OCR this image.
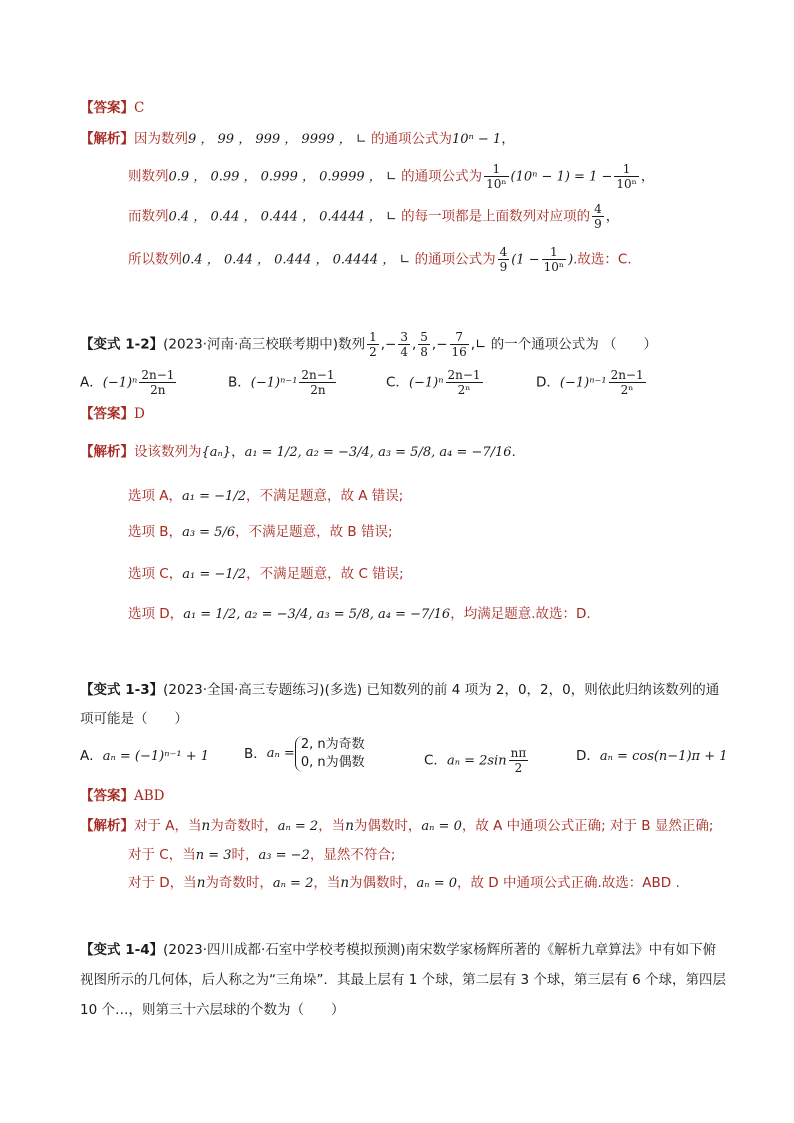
【答案】C
【解析】因为数列9 ， 99 ， 999 ， 9999 ， ∟ 的通项公式为10ⁿ − 1，
则数列0.9 ， 0.99 ， 0.999 ， 0.9999 ， ∟ 的通项公式为 $\frac{1}{\text{10ⁿ}} (10^n - 1) = 1 - \frac{1}{\text{10ⁿ}}$ ，
而数列0.4 ， 0.44 ， 0.444 ， 0.4444 ， ∟ 的每一项都是上面数列对应项的 $\frac{4}{9}$ ，
所以数列0.4 ， 0.44 ， 0.444 ， 0.4444 ， ∟ 的通项公式为 $\frac{4}{9} (1 - \frac{1}{\text{10ⁿ}}$ ).故选：C.
【变式 1-2】(2023·河南·高三校联考期中)数列 $\frac{1}{2}$ ,− $\frac{3}{4}$ , $\frac{5}{8}$ ,− $\frac{7}{16}$ ,∟ 的一个通项公式为 （　　）
A．$(-1)^n \frac{2n-1}{2n}$	B．$(-1)^{n-1} \frac{2n-1}{2n}$	C．$(-1)^n \frac{2n-1}{\text{2ⁿ}}$	D．$(-1)^{n-1} \frac{2n-1}{\text{2ⁿ}}$
【答案】D
【解析】设该数列为{aₙ}，a₁ = 1/2, a₂ = −3/4, a₃ = 5/8, a₄ = −7/16.
选项 A，a₁ = −1/2，不满足题意，故 A 错误;
选项 B，a₃ = 5/6，不满足题意，故 B 错误;
选项 C，a₁ = −1/2，不满足题意，故 C 错误;
选项 D，a₁ = 1/2, a₂ = −3/4, a₃ = 5/8, a₄ = −7/16，均满足题意.故选：D.
【变式 1-3】(2023·全国·高三专题练习)(多选) 已知数列的前 4 项为 2，0，2，0，则依此归纳该数列的通
项可能是（　　）
A．aₙ = (−1)ⁿ⁻¹ + 1	B．aₙ =
2, n为奇数
0, n为偶数	C．$a_n = 2\sin \frac{n\pi}{2}$	D．aₙ = cos(n−1)π + 1
【答案】ABD
【解析】对于 A，当n为奇数时，aₙ = 2，当n为偶数时，aₙ = 0，故 A 中通项公式正确; 对于 B 显然正确;
对于 C，当n = 3时，a₃ = −2，显然不符合;
对于 D，当n为奇数时，aₙ = 2，当n为偶数时，aₙ = 0，故 D 中通项公式正确.故选：ABD .
【变式 1-4】(2023·四川成都·石室中学校考模拟预测)南宋数学家杨辉所著的《解析九章算法》中有如下俯
视图所示的几何体，后人称之为“三角垛”．其最上层有 1 个球，第二层有 3 个球，第三层有 6 个球，第四层
10 个…，则第三十六层球的个数为（　　）
